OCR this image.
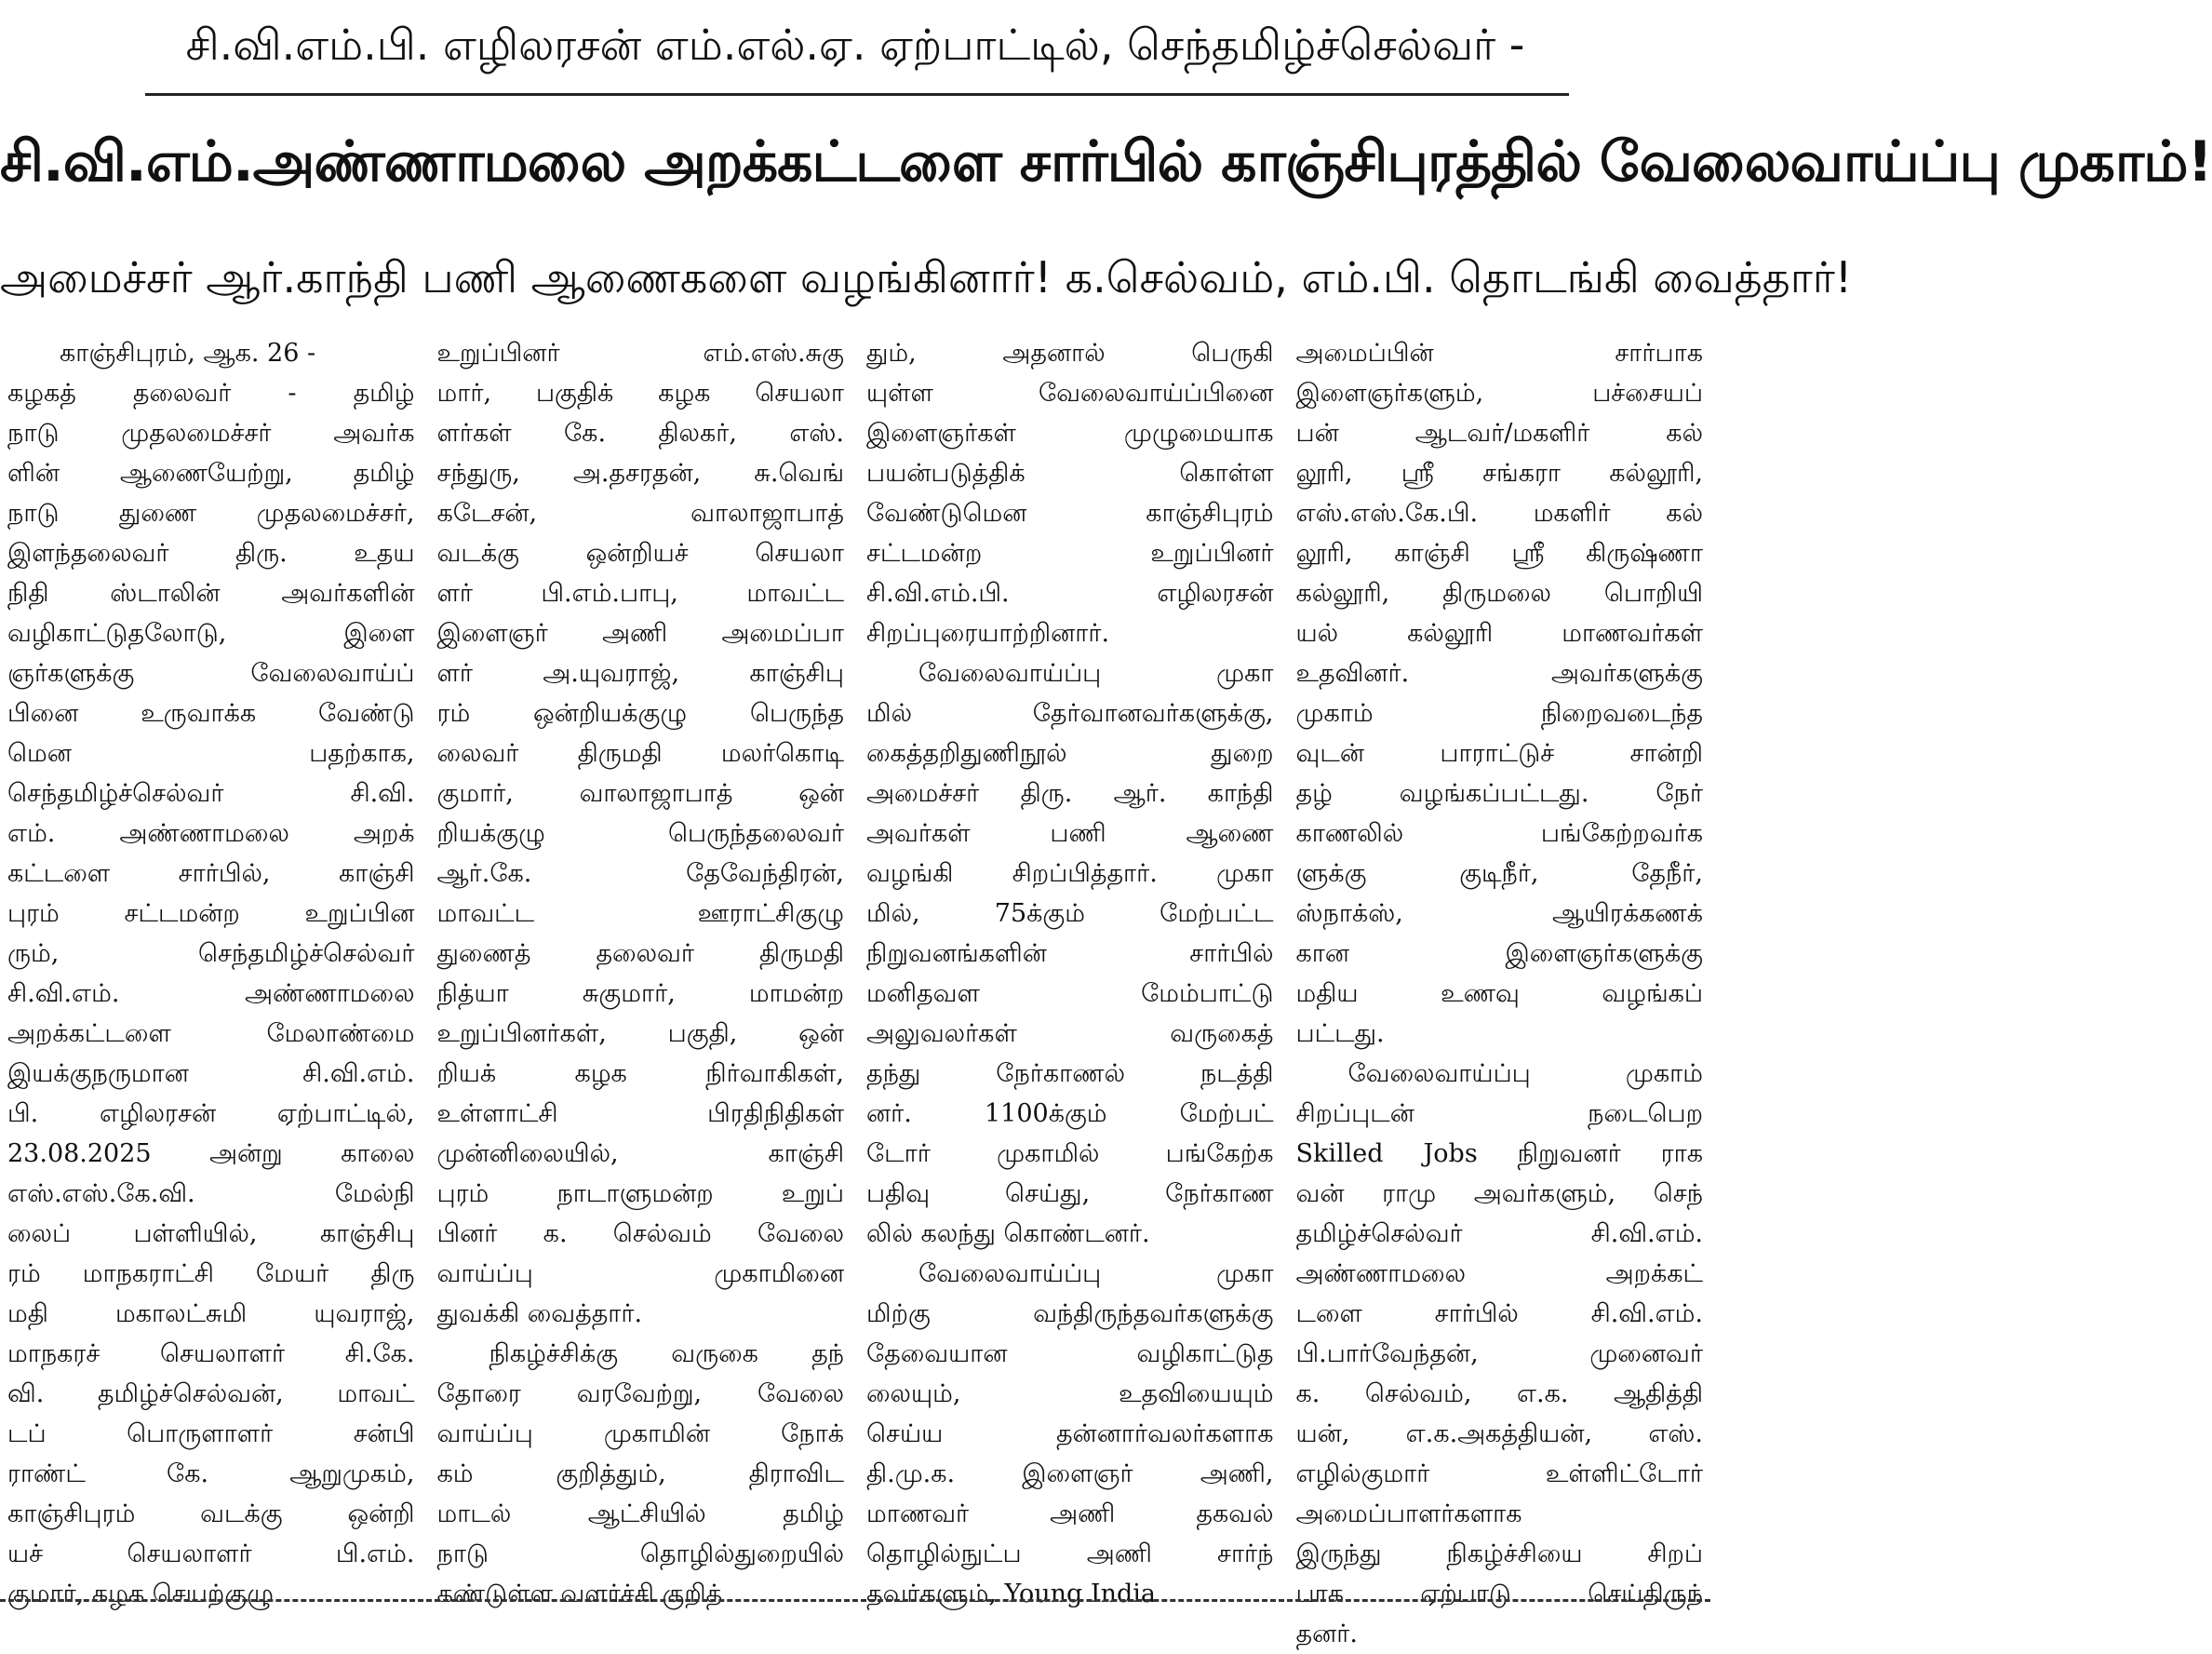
சி.வி.எம்.பி. எழிலரசன் எம்.எல்.ஏ. ஏற்பாட்டில், செந்தமிழ்ச்செல்வர் -
சி.வி.எம்.அண்ணாமலை அறக்கட்டளை சார்பில் காஞ்சிபுரத்தில் வேலைவாய்ப்பு முகாம்!
அமைச்சர் ஆர்.காந்தி பணி ஆணைகளை வழங்கினார்! க.செல்வம், எம்.பி. தொடங்கி வைத்தார்!
காஞ்சிபுரம், ஆக. 26 -
கழகத் தலைவர் - தமிழ்
நாடு முதலமைச்சர் அவர்க
ளின் ஆணையேற்று, தமிழ்
நாடு துணை முதலமைச்சர்,
இளந்தலைவர் திரு. உதய
நிதி ஸ்டாலின் அவர்களின்
வழிகாட்டுதலோடு, இளை
ஞர்களுக்கு வேலைவாய்ப்
பினை உருவாக்க வேண்டு
மென பதற்காக,
செந்தமிழ்ச்செல்வர் சி.வி.
எம். அண்ணாமலை அறக்
கட்டளை சார்பில், காஞ்சி
புரம் சட்டமன்ற உறுப்பின
ரும், செந்தமிழ்ச்செல்வர்
சி.வி.எம். அண்ணாமலை
அறக்கட்டளை மேலாண்மை
இயக்குநருமான சி.வி.எம்.
பி. எழிலரசன் ஏற்பாட்டில்,
23.08.2025 அன்று காலை
எஸ்.எஸ்.கே.வி. மேல்நி
லைப் பள்ளியில், காஞ்சிபு
ரம் மாநகராட்சி மேயர் திரு
மதி மகாலட்சுமி யுவராஜ்,
மாநகரச் செயலாளர் சி.கே.
வி. தமிழ்ச்செல்வன், மாவட்
டப் பொருளாளர் சன்பி
ராண்ட் கே. ஆறுமுகம்,
காஞ்சிபுரம் வடக்கு ஒன்றி
யச் செயலாளர் பி.எம்.
குமார், கழக செயற்குழு
உறுப்பினர் எம்.எஸ்.சுகு
மார், பகுதிக் கழக செயலா
ளர்கள் கே. திலகர், எஸ்.
சந்துரு, அ.தசரதன், சு.வெங்
கடேசன், வாலாஜாபாத்
வடக்கு ஒன்றியச் செயலா
ளர் பி.எம்.பாபு, மாவட்ட
இளைஞர் அணி அமைப்பா
ளர் அ.யுவராஜ், காஞ்சிபு
ரம் ஒன்றியக்குழு பெருந்த
லைவர் திருமதி மலர்கொடி
குமார், வாலாஜாபாத் ஒன்
றியக்குழு பெருந்தலைவர்
ஆர்.கே. தேவேந்திரன்,
மாவட்ட ஊராட்சிகுழு
துணைத் தலைவர் திருமதி
நித்யா சுகுமார், மாமன்ற
உறுப்பினர்கள், பகுதி, ஒன்
றியக் கழக நிர்வாகிகள்,
உள்ளாட்சி பிரதிநிதிகள்
முன்னிலையில், காஞ்சி
புரம் நாடாளுமன்ற உறுப்
பினர் க. செல்வம் வேலை
வாய்ப்பு முகாமினை
துவக்கி வைத்தார்.
நிகழ்ச்சிக்கு வருகை தந்
தோரை வரவேற்று, வேலை
வாய்ப்பு முகாமின் நோக்
கம் குறித்தும், திராவிட
மாடல் ஆட்சியில் தமிழ்
நாடு தொழில்துறையில்
கண்டுள்ள வளர்ச்சி குறித்
தும், அதனால் பெருகி
யுள்ள வேலைவாய்ப்பினை
இளைஞர்கள் முழுமையாக
பயன்படுத்திக் கொள்ள
வேண்டுமென காஞ்சிபுரம்
சட்டமன்ற உறுப்பினர்
சி.வி.எம்.பி. எழிலரசன்
சிறப்புரையாற்றினார்.
வேலைவாய்ப்பு முகா
மில் தேர்வானவர்களுக்கு,
கைத்தறிதுணிநூல் துறை
அமைச்சர் திரு. ஆர். காந்தி
அவர்கள் பணி ஆணை
வழங்கி சிறப்பித்தார். முகா
மில், 75க்கும் மேற்பட்ட
நிறுவனங்களின் சார்பில்
மனிதவள மேம்பாட்டு
அலுவலர்கள் வருகைத்
தந்து நேர்காணல் நடத்தி
னர். 1100க்கும் மேற்பட்
டோர் முகாமில் பங்கேற்க
பதிவு செய்து, நேர்காண
லில் கலந்து கொண்டனர்.
வேலைவாய்ப்பு முகா
மிற்கு வந்திருந்தவர்களுக்கு
தேவையான வழிகாட்டுத
லையும், உதவியையும்
செய்ய தன்னார்வலர்களாக
தி.மு.க. இளைஞர் அணி,
மாணவர் அணி தகவல்
தொழில்நுட்ப அணி சார்ந்
தவர்களும், Young India
அமைப்பின் சார்பாக
இளைஞர்களும், பச்சையப்
பன் ஆடவர்/மகளிர் கல்
லூரி, ஸ்ரீ சங்கரா கல்லூரி,
எஸ்.எஸ்.கே.பி. மகளிர் கல்
லூரி, காஞ்சி ஸ்ரீ கிருஷ்ணா
கல்லூரி, திருமலை பொறியி
யல் கல்லூரி மாணவர்கள்
உதவினர். அவர்களுக்கு
முகாம் நிறைவடைந்த
வுடன் பாராட்டுச் சான்றி
தழ் வழங்கப்பட்டது. நேர்
காணலில் பங்கேற்றவர்க
ளுக்கு குடிநீர், தேநீர்,
ஸ்நாக்ஸ், ஆயிரக்கணக்
கான இளைஞர்களுக்கு
மதிய உணவு வழங்கப்
பட்டது.
வேலைவாய்ப்பு முகாம்
சிறப்புடன் நடைபெற
Skilled Jobs நிறுவனர் ராக
வன் ராமு அவர்களும், செந்
தமிழ்ச்செல்வர் சி.வி.எம்.
அண்ணாமலை அறக்கட்
டளை சார்பில் சி.வி.எம்.
பி.பார்வேந்தன், முனைவர்
க. செல்வம், எ.க. ஆதித்தி
யன், எ.க.அகத்தியன், எஸ்.
எழில்குமார் உள்ளிட்டோர்
அமைப்பாளர்களாக
இருந்து நிகழ்ச்சியை சிறப்
பாக ஏற்பாடு செய்திருந்
தனர்.
